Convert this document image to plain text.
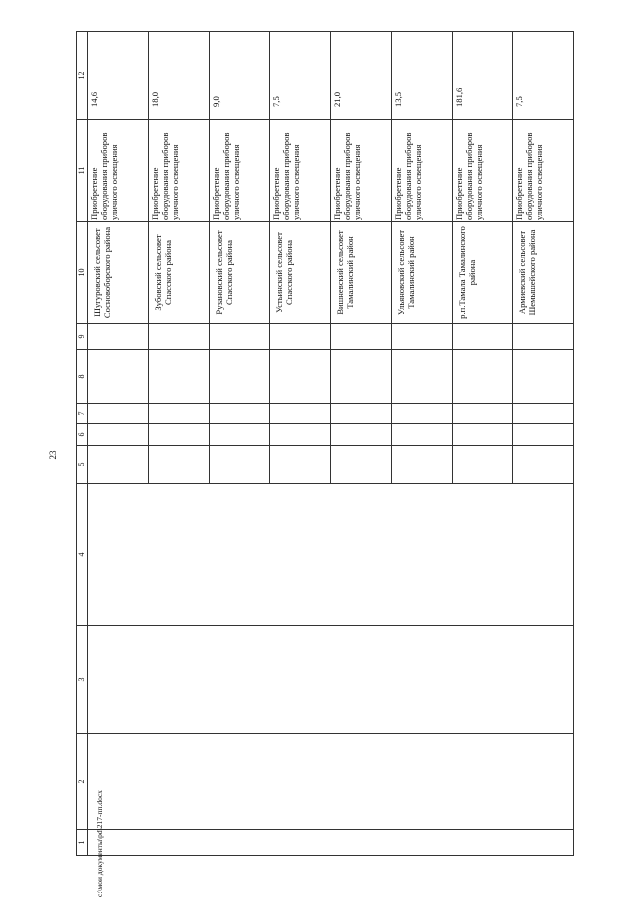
23
1	2	3	4	5	6	7	8	9	10	11	12
									Шугуровский сельсовет Сосновоборского района	Приобретение оборудования приборов уличного освещения	14,6
									Зубовский сельсовет Спасского района	Приобретение оборудования приборов уличного освещения	18,0
									Рузановский сельсовет Спасского района	Приобретение оборудования приборов уличного освещения	9,0
									Устьинский сельсовет Спасского района	Приобретение оборудования приборов уличного освещения	7,5
									Вишневский сельсовет Тамалинский район	Приобретение оборудования приборов уличного освещения	21,0
									Ульяновский сельсовет Тамалинский район	Приобретение оборудования приборов уличного освещения	13,5
									р.п.Тамала Тамалинского района	Приобретение оборудования приборов уличного освещения	181,6
									Армиевский сельсовет Шемышейского района	Приобретение оборудования приборов уличного освещения	7,5
c:\мои документы\рd\217-пп.docx
